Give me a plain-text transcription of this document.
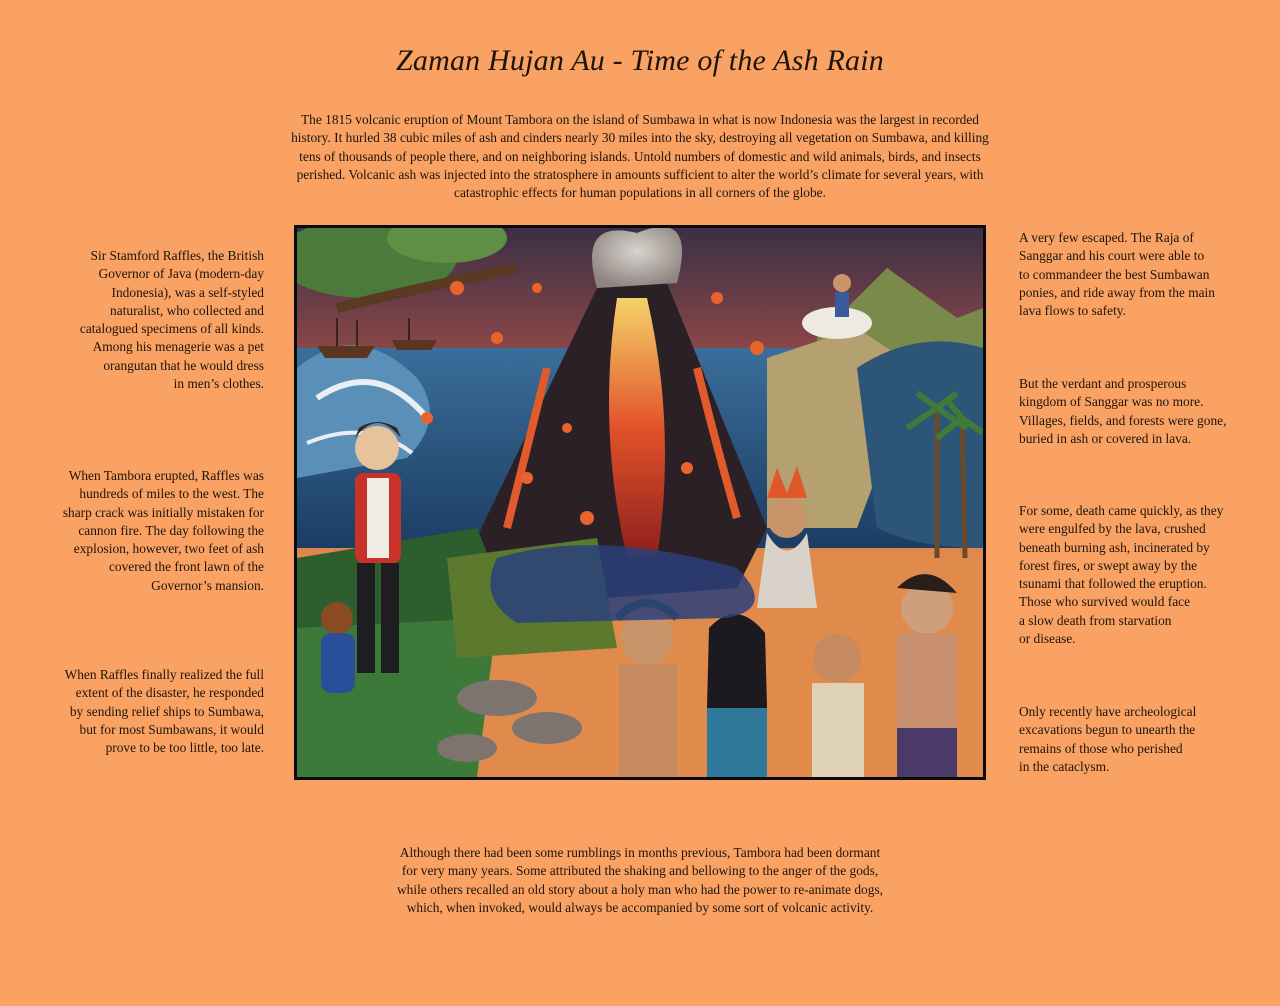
Zaman Hujan Au - Time of the Ash Rain
The 1815 volcanic eruption of Mount Tambora on the island of Sumbawa in what is now Indonesia was the largest in recorded history. It hurled 38 cubic miles of ash and cinders nearly 30 miles into the sky, destroying all vegetation on Sumbawa, and killing tens of thousands of people there, and on neighboring islands. Untold numbers of domestic and wild animals, birds, and insects perished. Volcanic ash was injected into the stratosphere in amounts sufficient to alter the world’s climate for several years, with catastrophic effects for human populations in all corners of the globe.
Sir Stamford Raffles, the British
Governor of Java (modern-day
Indonesia), was a self-styled
naturalist, who collected and
catalogued specimens of all kinds.
Among his menagerie was a pet
orangutan that he would dress
in men’s clothes.
When Tambora erupted, Raffles was
hundreds of miles to the west. The
sharp crack was initially mistaken for
cannon fire. The day following the
explosion, however, two feet of ash
covered the front lawn of the
Governor’s mansion.
When Raffles finally realized the full
extent of the disaster, he responded
by sending relief ships to Sumbawa,
but for most Sumbawans, it would
prove to be too little, too late.
A very few escaped. The Raja of
Sanggar and his court were able to
to commandeer the best Sumbawan
ponies, and ride away from the main
lava flows to safety.
But the verdant and prosperous
kingdom of Sanggar was no more.
Villages, fields, and forests were gone,
buried in ash or covered in lava.
For some, death came quickly, as they
were engulfed by the lava, crushed
beneath burning ash, incinerated by
forest fires, or swept away by the
tsunami that followed the eruption.
Those who survived would face
a slow death from starvation
or disease.
Only recently have archeological
excavations begun to unearth the
remains of those who perished
in the cataclysm.
Although there had been some rumblings in months previous, Tambora had been dormant
for very many years. Some attributed the shaking and bellowing to the anger of the gods,
while others recalled an old story about a holy man who had the power to re-animate dogs,
which, when invoked, would always be accompanied by some sort of volcanic activity.
